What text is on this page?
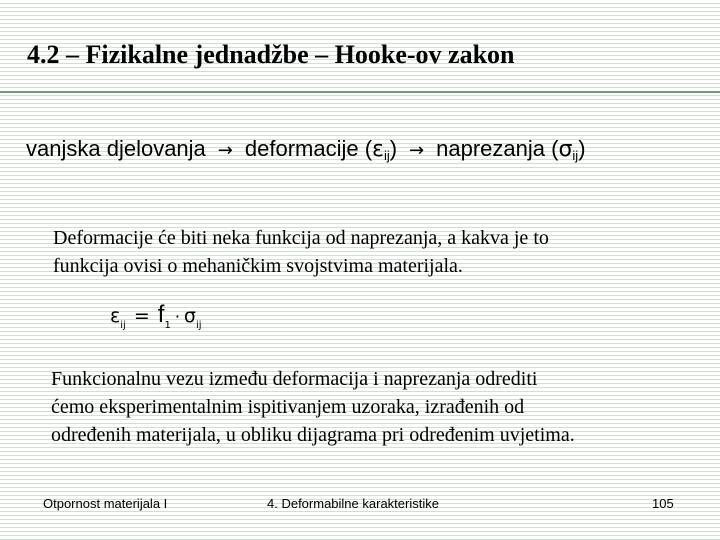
4.2 – Fizikalne jednadžbe – Hooke-ov zakon
vanjska djelovanja → deformacije $(\varepsilon_{ij})$ → naprezanja $(\sigma_{ij})$
Deformacije će biti neka funkcija od naprezanja, a kakva je to
funkcija ovisi o mehaničkim svojstvima materijala.
$\varepsilon_{ij} = f_1 \cdot \sigma_{ij}$
Funkcionalnu vezu između deformacija i naprezanja odrediti
ćemo eksperimentalnim ispitivanjem uzoraka, izrađenih od
određenih materijala, u obliku dijagrama pri određenim uvjetima.
Otpornost materijala I	4. Deformabilne karakteristike	105
